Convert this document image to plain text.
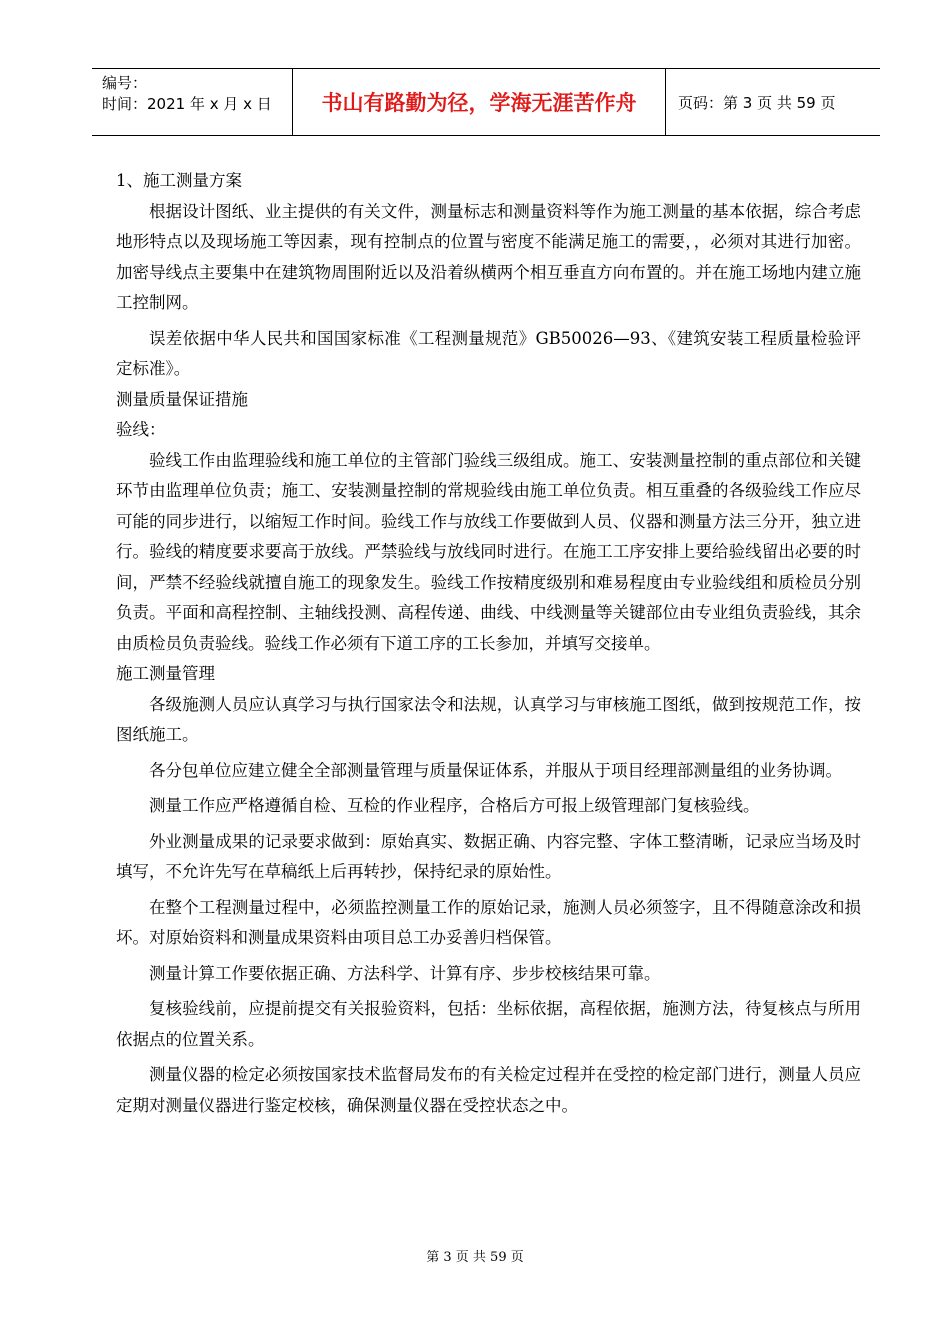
编号：
时间：2021 年 x 月 x 日	书山有路勤为径，学海无涯苦作舟	页码：第 3 页 共 59 页

1、施工测量方案

根据设计图纸、业主提供的有关文件，测量标志和测量资料等作为施工测量的基本依据，综合考虑地形特点以及现场施工等因素，现有控制点的位置与密度不能满足施工的需要，，必须对其进行加密。加密导线点主要集中在建筑物周围附近以及沿着纵横两个相互垂直方向布置的。并在施工场地内建立施工控制网。

误差依据中华人民共和国国家标准《工程测量规范》GB50026—93、《建筑安装工程质量检验评定标准》。

测量质量保证措施

验线：

验线工作由监理验线和施工单位的主管部门验线三级组成。施工、安装测量控制的重点部位和关键环节由监理单位负责；施工、安装测量控制的常规验线由施工单位负责。相互重叠的各级验线工作应尽可能的同步进行，以缩短工作时间。验线工作与放线工作要做到人员、仪器和测量方法三分开，独立进行。验线的精度要求要高于放线。严禁验线与放线同时进行。在施工工序安排上要给验线留出必要的时间，严禁不经验线就擅自施工的现象发生。验线工作按精度级别和难易程度由专业验线组和质检员分别负责。平面和高程控制、主轴线投测、高程传递、曲线、中线测量等关键部位由专业组负责验线，其余由质检员负责验线。验线工作必须有下道工序的工长参加，并填写交接单。

施工测量管理

各级施测人员应认真学习与执行国家法令和法规，认真学习与审核施工图纸，做到按规范工作，按图纸施工。

各分包单位应建立健全全部测量管理与质量保证体系，并服从于项目经理部测量组的业务协调。

测量工作应严格遵循自检、互检的作业程序，合格后方可报上级管理部门复核验线。

外业测量成果的记录要求做到：原始真实、数据正确、内容完整、字体工整清晰，记录应当场及时填写，不允许先写在草稿纸上后再转抄，保持纪录的原始性。

在整个工程测量过程中，必须监控测量工作的原始记录，施测人员必须签字，且不得随意涂改和损坏。对原始资料和测量成果资料由项目总工办妥善归档保管。

测量计算工作要依据正确、方法科学、计算有序、步步校核结果可靠。

复核验线前，应提前提交有关报验资料，包括：坐标依据，高程依据，施测方法，待复核点与所用依据点的位置关系。

测量仪器的检定必须按国家技术监督局发布的有关检定过程并在受控的检定部门进行，测量人员应定期对测量仪器进行鉴定校核，确保测量仪器在受控状态之中。

第 3 页 共 59 页
